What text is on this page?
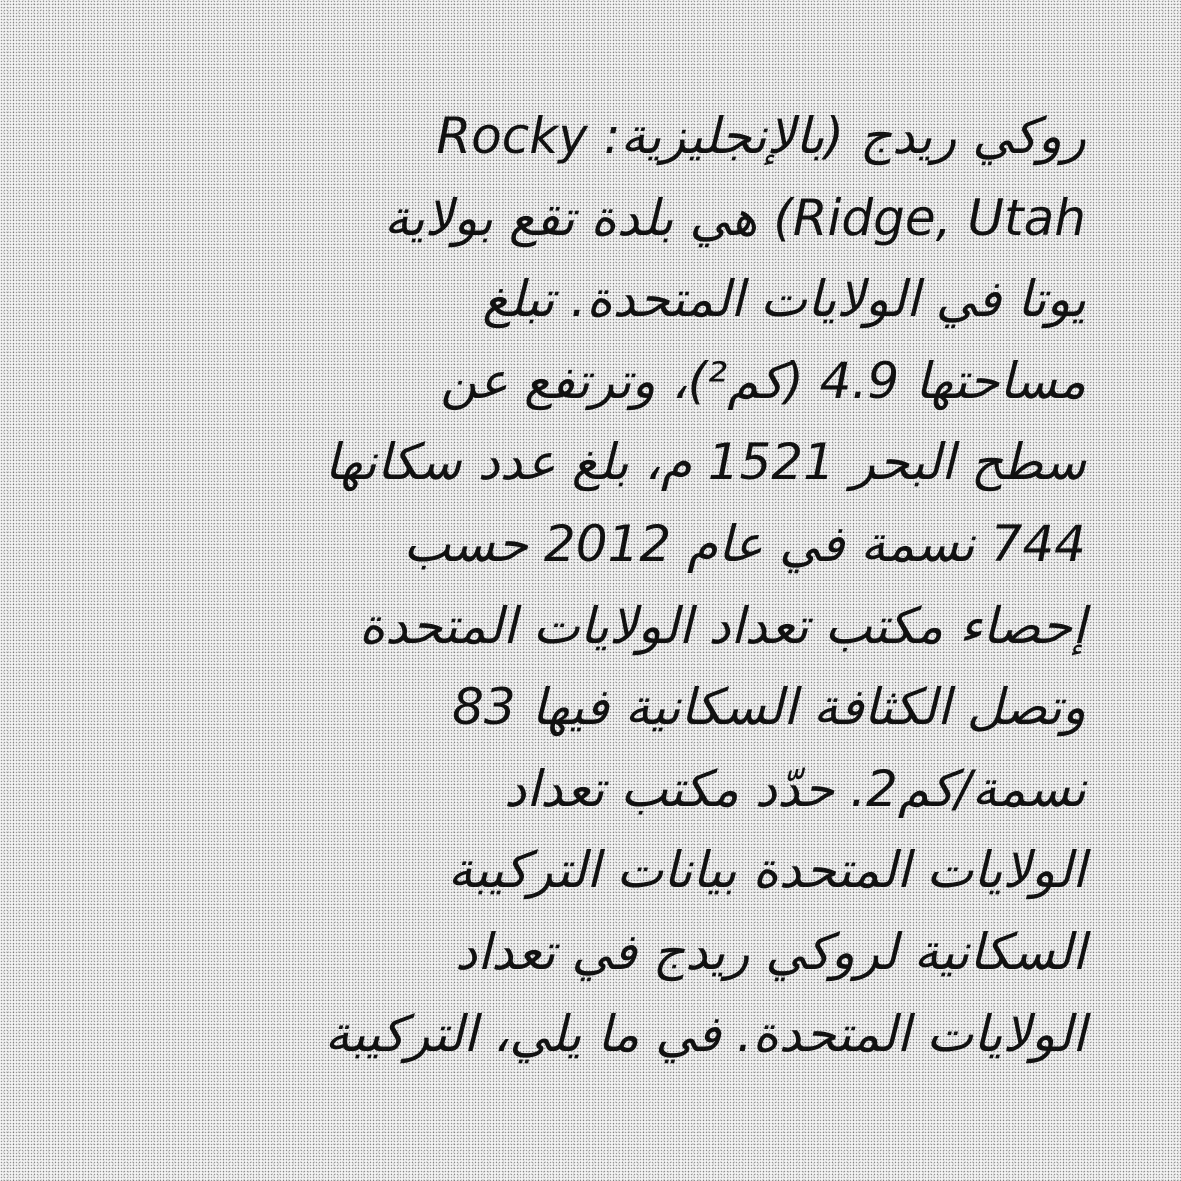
روكي ريدج (بالإنجليزية: Rocky
Ridge, Utah) هي بلدة تقع بولاية
يوتا في الولايات المتحدة. تبلغ
مساحتها 4.9 (كم²)، وترتفع عن
سطح البحر 1521 م، بلغ عدد سكانها
744 نسمة في عام 2012 حسب
إحصاء مكتب تعداد الولايات المتحدة
وتصل الكثافة السكانية فيها 83
نسمة/كم2. حدّد مكتب تعداد
الولايات المتحدة بيانات التركيبة
السكانية لروكي ريدج في تعداد
الولايات المتحدة. في ما يلي، التركيبة
